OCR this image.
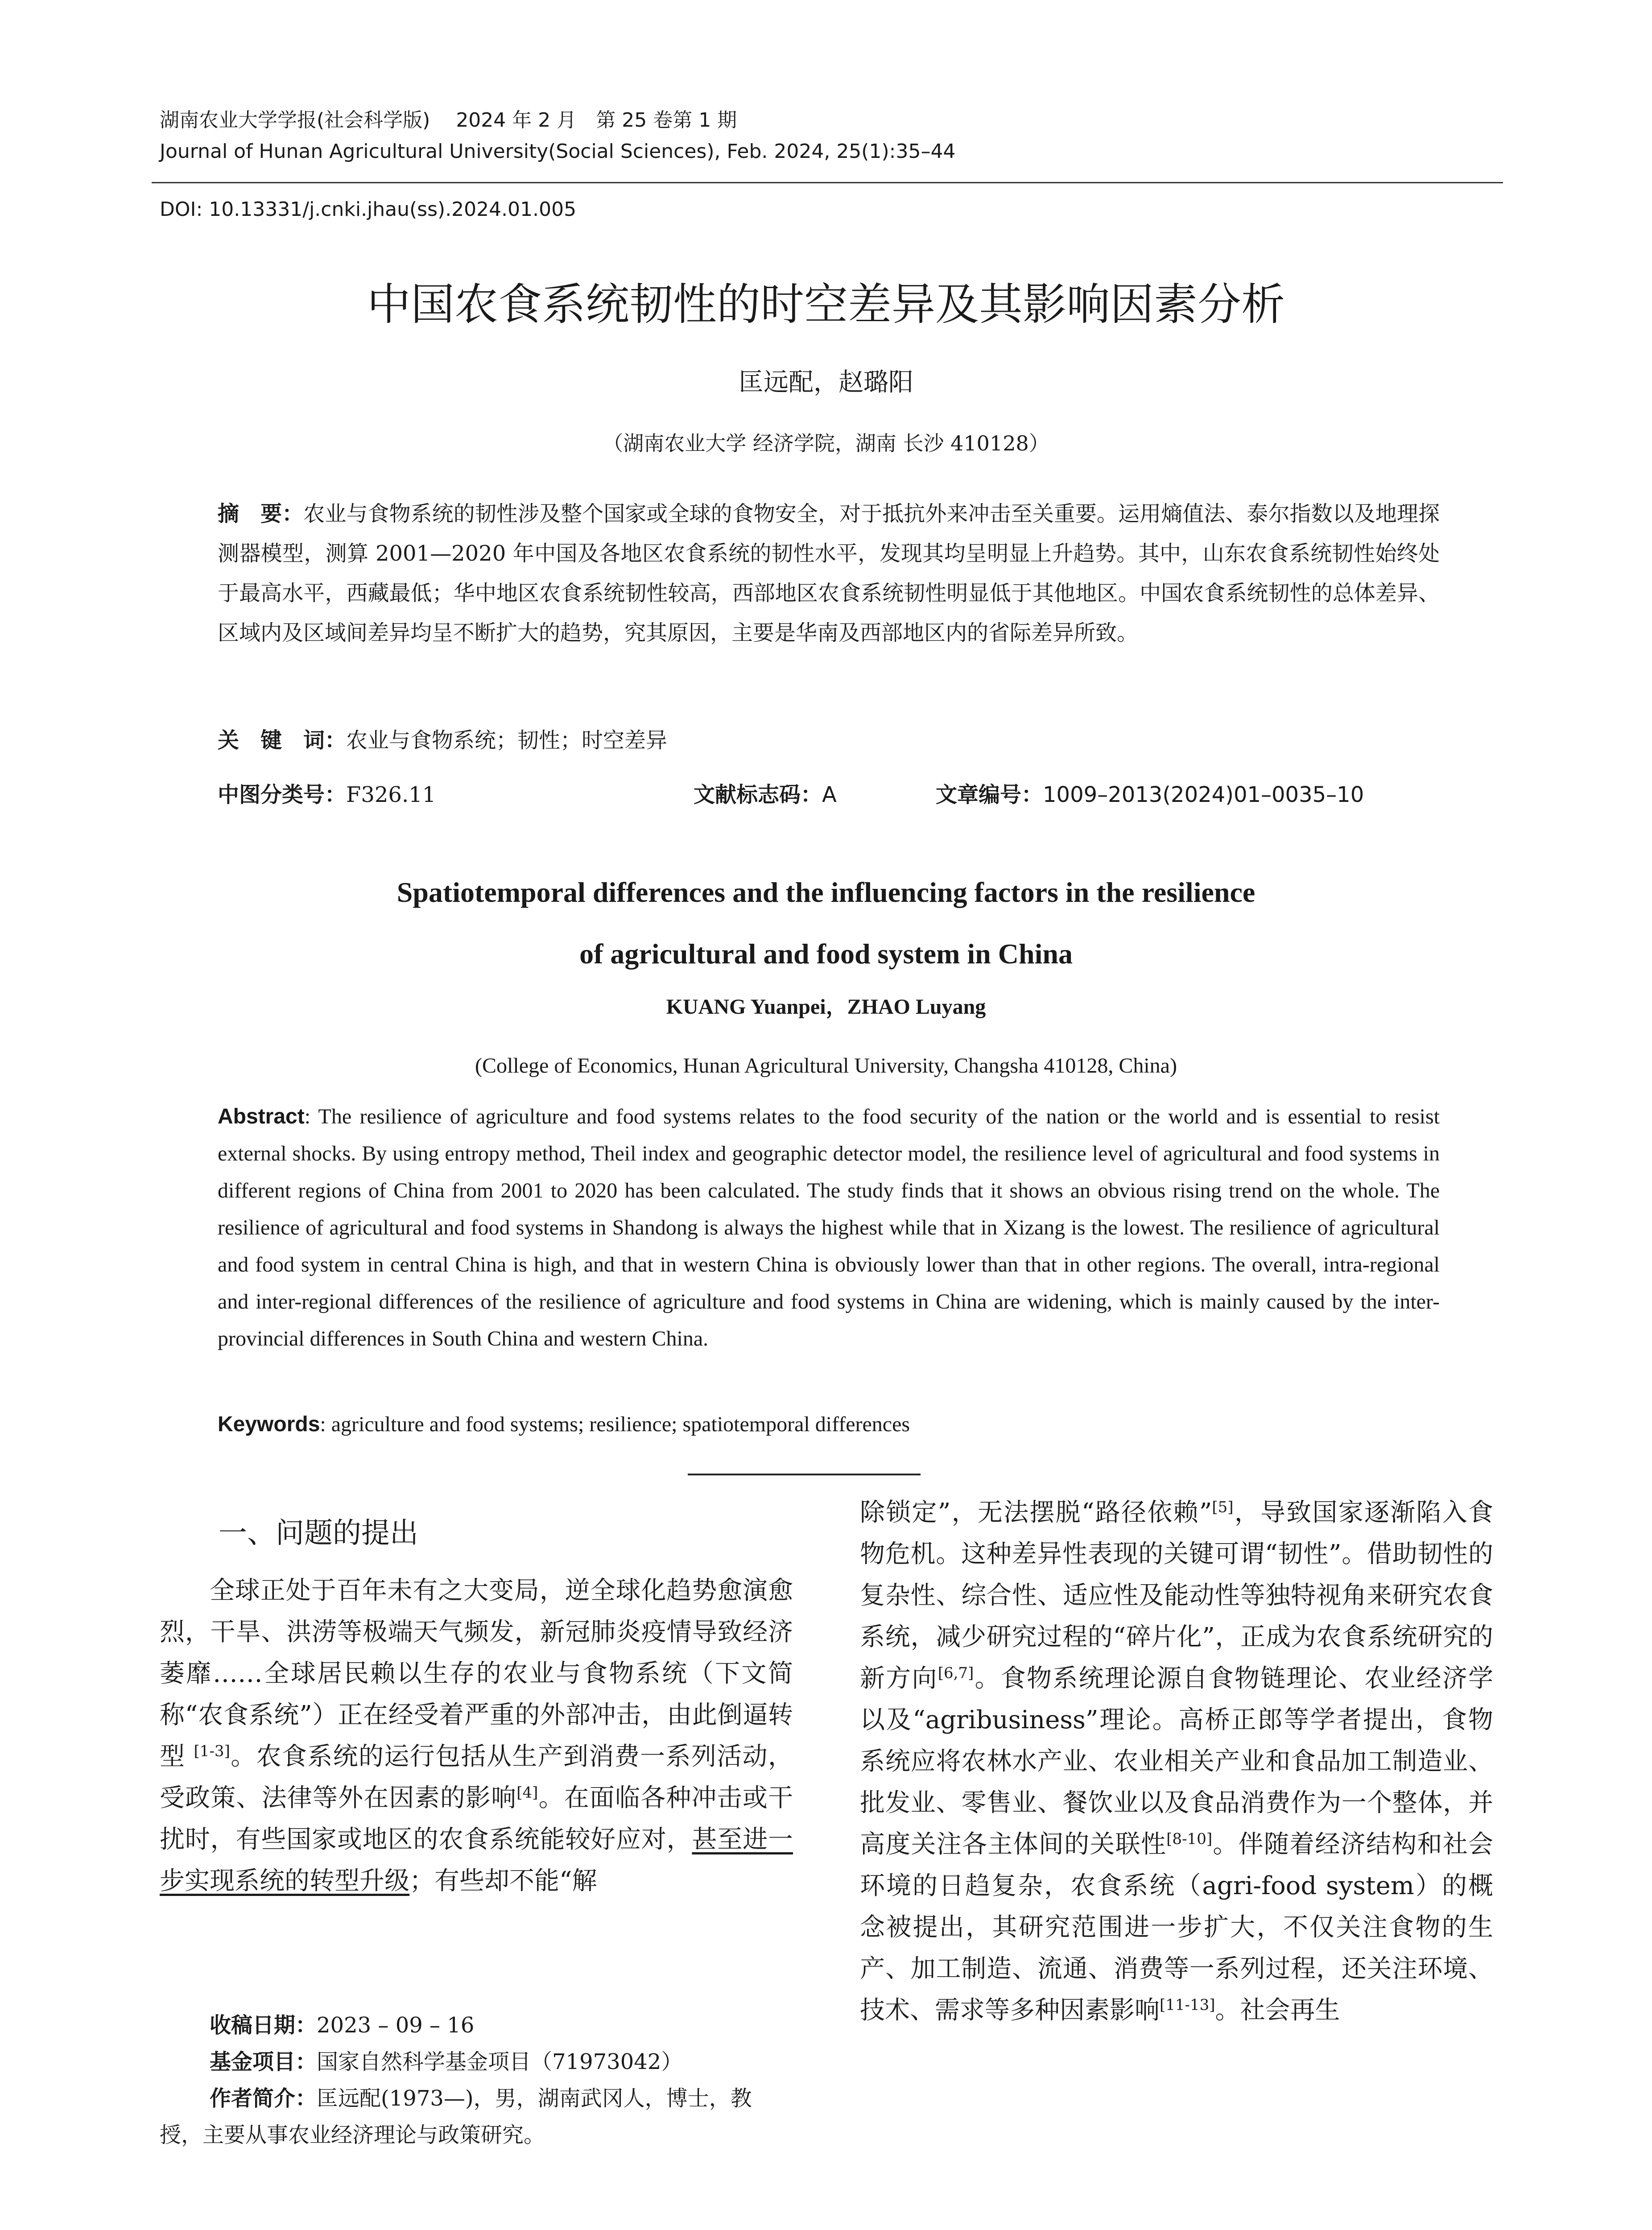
湖南农业大学学报(社会科学版)　 2024 年 2 月　第 25 卷第 1 期
Journal of Hunan Agricultural University(Social Sciences), Feb. 2024, 25(1):35–44
DOI: 10.13331/j.cnki.jhau(ss).2024.01.005
中国农食系统韧性的时空差异及其影响因素分析
匡远配，赵璐阳
（湖南农业大学 经济学院，湖南 长沙 410128）
摘　要：农业与食物系统的韧性涉及整个国家或全球的食物安全，对于抵抗外来冲击至关重要。运用熵值法、泰尔指数以及地理探测器模型，测算 2001—2020 年中国及各地区农食系统的韧性水平，发现其均呈明显上升趋势。其中，山东农食系统韧性始终处于最高水平，西藏最低；华中地区农食系统韧性较高，西部地区农食系统韧性明显低于其他地区。中国农食系统韧性的总体差异、区域内及区域间差异均呈不断扩大的趋势，究其原因，主要是华南及西部地区内的省际差异所致。
关　键　词：农业与食物系统；韧性；时空差异
中图分类号：F326.11	文献标志码：A	文章编号：1009–2013(2024)01–0035–10
Spatiotemporal differences and the influencing factors in the resilience
of agricultural and food system in China
KUANG Yuanpei，ZHAO Luyang
(College of Economics, Hunan Agricultural University, Changsha 410128, China)
Abstract: The resilience of agriculture and food systems relates to the food security of the nation or the world and is essential to resist external shocks. By using entropy method, Theil index and geographic detector model, the resilience level of agricultural and food systems in different regions of China from 2001 to 2020 has been calculated. The study finds that it shows an obvious rising trend on the whole. The resilience of agricultural and food systems in Shandong is always the highest while that in Xizang is the lowest. The resilience of agricultural and food system in central China is high, and that in western China is obviously lower than that in other regions. The overall, intra-regional and inter-regional differences of the resilience of agriculture and food systems in China are widening, which is mainly caused by the inter-provincial differences in South China and western China.
Keywords: agriculture and food systems; resilience; spatiotemporal differences
一、问题的提出
全球正处于百年未有之大变局，逆全球化趋势愈演愈烈，干旱、洪涝等极端天气频发，新冠肺炎疫情导致经济萎靡……全球居民赖以生存的农业与食物系统（下文简称“农食系统”）正在经受着严重的外部冲击，由此倒逼转型 [1-3]。农食系统的运行包括从生产到消费一系列活动，受政策、法律等外在因素的影响[4]。在面临各种冲击或干扰时，有些国家或地区的农食系统能较好应对，甚至进一步实现系统的转型升级；有些却不能“解
除锁定”，无法摆脱“路径依赖”[5]，导致国家逐渐陷入食物危机。这种差异性表现的关键可谓“韧性”。借助韧性的复杂性、综合性、适应性及能动性等独特视角来研究农食系统，减少研究过程的“碎片化”，正成为农食系统研究的新方向[6,7]。食物系统理论源自食物链理论、农业经济学以及“agribusiness”理论。高桥正郎等学者提出，食物系统应将农林水产业、农业相关产业和食品加工制造业、批发业、零售业、餐饮业以及食品消费作为一个整体，并高度关注各主体间的关联性[8-10]。伴随着经济结构和社会环境的日趋复杂，农食系统（agri-food system）的概念被提出，其研究范围进一步扩大，不仅关注食物的生产、加工制造、流通、消费等一系列过程，还关注环境、技术、需求等多种因素影响[11-13]。社会再生
收稿日期：2023 – 09 – 16
基金项目：国家自然科学基金项目（71973042）
作者简介：匡远配(1973—)，男，湖南武冈人，博士，教授，主要从事农业经济理论与政策研究。
